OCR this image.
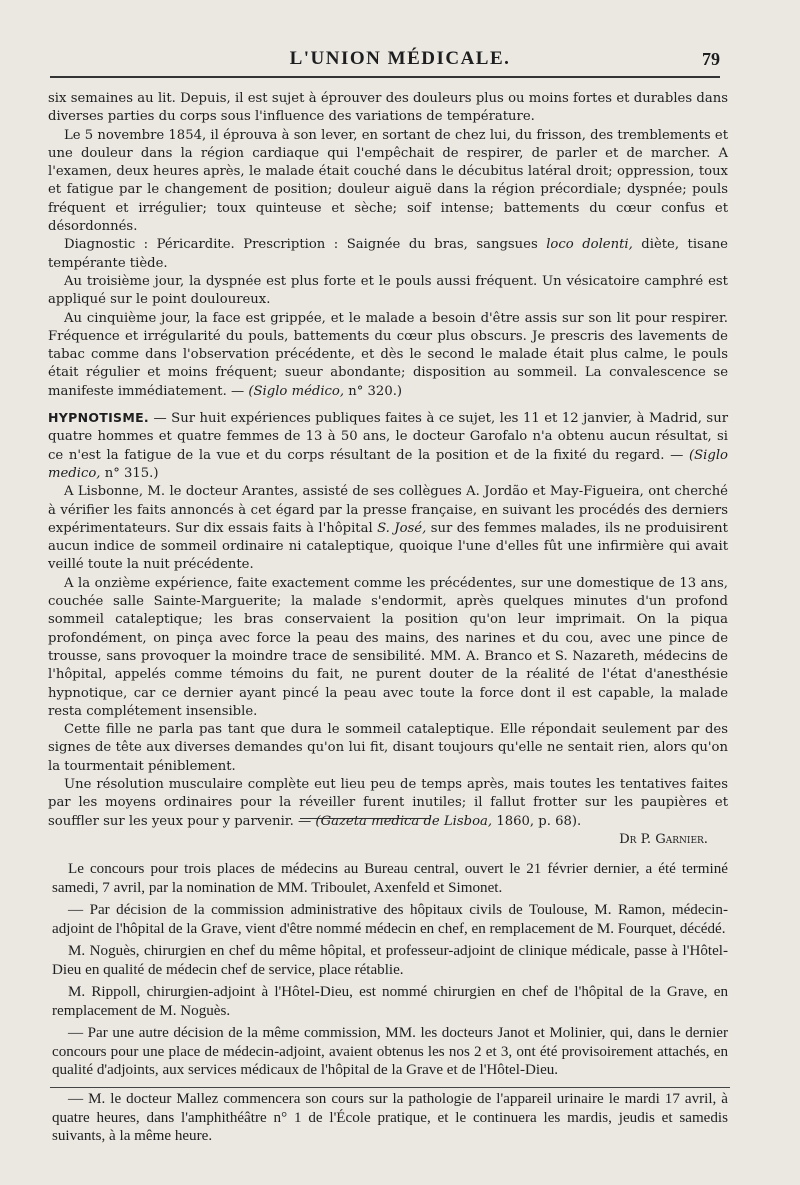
L'UNION MÉDICALE.	79

six semaines au lit. Depuis, il est sujet à éprouver des douleurs plus ou moins fortes et durables dans diverses parties du corps sous l'influence des variations de température.

Le 5 novembre 1854, il éprouva à son lever, en sortant de chez lui, du frisson, des tremblements et une douleur dans la région cardiaque qui l'empêchait de respirer, de parler et de marcher. A l'examen, deux heures après, le malade était couché dans le décubitus latéral droit; oppression, toux et fatigue par le changement de position; douleur aiguë dans la région précordiale; dyspnée; pouls fréquent et irrégulier; toux quinteuse et sèche; soif intense; battements du cœur confus et désordonnés.

Diagnostic : Péricardite. Prescription : Saignée du bras, sangsues loco dolenti, diète, tisane tempérante tiède.

Au troisième jour, la dyspnée est plus forte et le pouls aussi fréquent. Un vésicatoire camphré est appliqué sur le point douloureux.

Au cinquième jour, la face est grippée, et le malade a besoin d'être assis sur son lit pour respirer. Fréquence et irrégularité du pouls, battements du cœur plus obscurs. Je prescris des lavements de tabac comme dans l'observation précédente, et dès le second le malade était plus calme, le pouls était régulier et moins fréquent; sueur abondante; disposition au sommeil. La convalescence se manifeste immédiatement. — (Siglo médico, n° 320.)

HYPNOTISME. — Sur huit expériences publiques faites à ce sujet, les 11 et 12 janvier, à Madrid, sur quatre hommes et quatre femmes de 13 à 50 ans, le docteur Garofalo n'a obtenu aucun résultat, si ce n'est la fatigue de la vue et du corps résultant de la position et de la fixité du regard. — (Siglo medico, n° 315.)

A Lisbonne, M. le docteur Arantes, assisté de ses collègues A. Jordão et May-Figueira, ont cherché à vérifier les faits annoncés à cet égard par la presse française, en suivant les procédés des derniers expérimentateurs. Sur dix essais faits à l'hôpital S. José, sur des femmes malades, ils ne produisirent aucun indice de sommeil ordinaire ni cataleptique, quoique l'une d'elles fût une infirmière qui avait veillé toute la nuit précédente.

A la onzième expérience, faite exactement comme les précédentes, sur une domestique de 13 ans, couchée salle Sainte-Marguerite; la malade s'endormit, après quelques minutes d'un profond sommeil cataleptique; les bras conservaient la position qu'on leur imprimait. On la piqua profondément, on pinça avec force la peau des mains, des narines et du cou, avec une pince de trousse, sans provoquer la moindre trace de sensibilité. MM. A. Branco et S. Nazareth, médecins de l'hôpital, appelés comme témoins du fait, ne purent douter de la réalité de l'état d'anesthésie hypnotique, car ce dernier ayant pincé la peau avec toute la force dont il est capable, la malade resta complétement insensible.

Cette fille ne parla pas tant que dura le sommeil cataleptique. Elle répondait seulement par des signes de tête aux diverses demandes qu'on lui fit, disant toujours qu'elle ne sentait rien, alors qu'on la tourmentait péniblement.

Une résolution musculaire complète eut lieu peu de temps après, mais toutes les tentatives faites par les moyens ordinaires pour la réveiller furent inutiles; il fallut frotter sur les paupières et souffler sur les yeux pour y parvenir. — (Gazeta medica de Lisboa, 1860, p. 68).

Dr P. Garnier.

Le concours pour trois places de médecins au Bureau central, ouvert le 21 février dernier, a été terminé samedi, 7 avril, par la nomination de MM. Triboulet, Axenfeld et Simonet.

— Par décision de la commission administrative des hôpitaux civils de Toulouse, M. Ramon, médecin-adjoint de l'hôpital de la Grave, vient d'être nommé médecin en chef, en remplacement de M. Fourquet, décédé.

M. Noguès, chirurgien en chef du même hôpital, et professeur-adjoint de clinique médicale, passe à l'Hôtel-Dieu en qualité de médecin chef de service, place rétablie.

M. Rippoll, chirurgien-adjoint à l'Hôtel-Dieu, est nommé chirurgien en chef de l'hôpital de la Grave, en remplacement de M. Noguès.

— Par une autre décision de la même commission, MM. les docteurs Janot et Molinier, qui, dans le dernier concours pour une place de médecin-adjoint, avaient obtenus les nos 2 et 3, ont été provisoirement attachés, en qualité d'adjoints, aux services médicaux de l'hôpital de la Grave et de l'Hôtel-Dieu.

— M. le docteur Mallez commencera son cours sur la pathologie de l'appareil urinaire le mardi 17 avril, à quatre heures, dans l'amphithéâtre n° 1 de l'École pratique, et le continuera les mardis, jeudis et samedis suivants, à la même heure.
